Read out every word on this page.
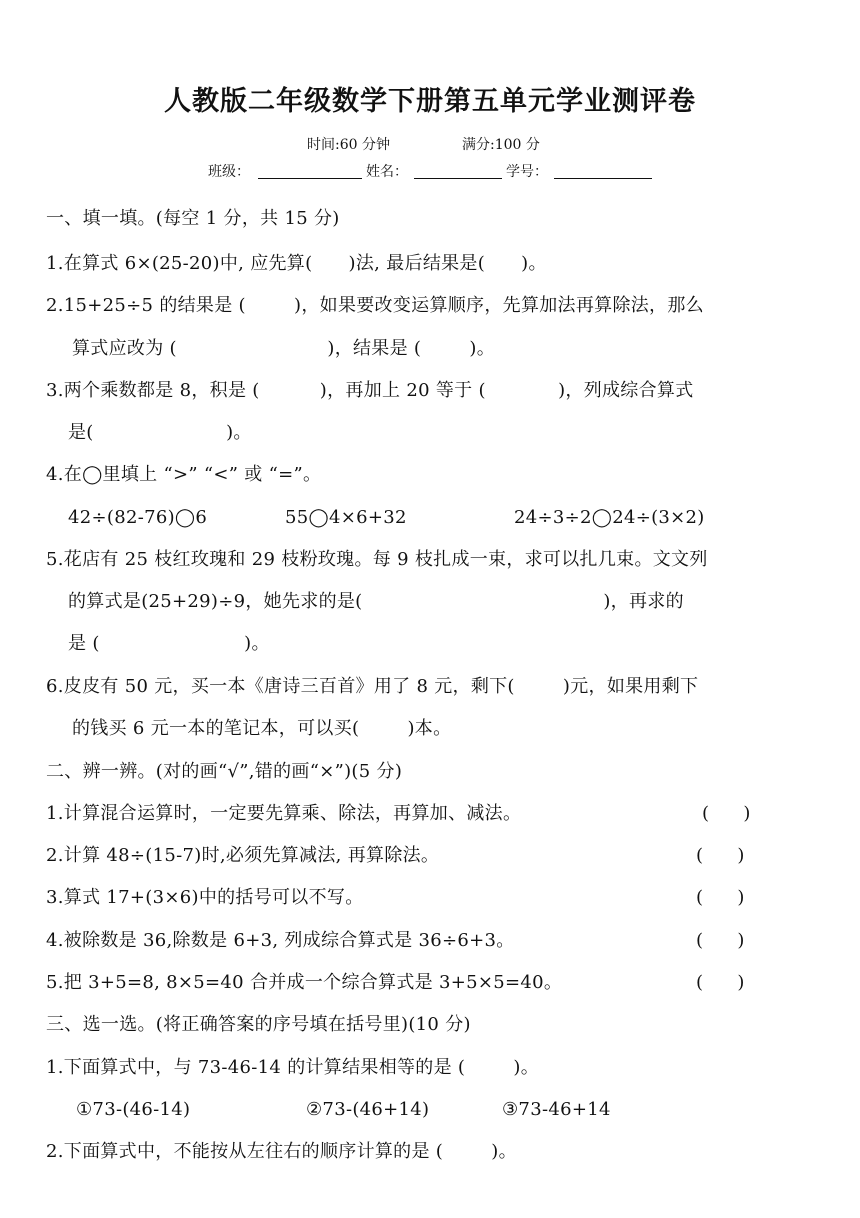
人教版二年级数学下册第五单元学业测评卷
时间:60 分钟	满分:100 分
班级：	姓名：	学号：
一、填一填。(每空 1 分，共 15 分)
1.在算式 6×(25-20)中, 应先算(      )法, 最后结果是(      )。
2.15+25÷5 的结果是 (        )，如果要改变运算顺序，先算加法再算除法，那么
算式应改为 (                         )，结果是 (        )。
3.两个乘数都是 8，积是 (          )，再加上 20 等于 (            )，列成综合算式
是(                      )。
4.在◯里填上 “>” “<” 或 “=”。
42÷(82-76)◯6	55◯4×6+32	24÷3÷2◯24÷(3×2)
5.花店有 25 枝红玫瑰和 29 枝粉玫瑰。每 9 枝扎成一束，求可以扎几束。文文列
的算式是(25+29)÷9，她先求的是(                                        )，再求的
是 (                        )。
6.皮皮有 50 元，买一本《唐诗三百首》用了 8 元，剩下(        )元，如果用剩下
的钱买 6 元一本的笔记本，可以买(        )本。
二、辨一辨。(对的画“√”,错的画“×”)(5 分)
1.计算混合运算时，一定要先算乘、除法，再算加、减法。	(      )
2.计算 48÷(15-7)时,必须先算减法, 再算除法。	(      )
3.算式 17+(3×6)中的括号可以不写。	(      )
4.被除数是 36,除数是 6+3, 列成综合算式是 36÷6+3。	(      )
5.把 3+5=8, 8×5=40 合并成一个综合算式是 3+5×5=40。	(      )
三、选一选。(将正确答案的序号填在括号里)(10 分)
1.下面算式中，与 73-46-14 的计算结果相等的是 (        )。
①73-(46-14)	②73-(46+14)	③73-46+14
2.下面算式中，不能按从左往右的顺序计算的是 (        )。
